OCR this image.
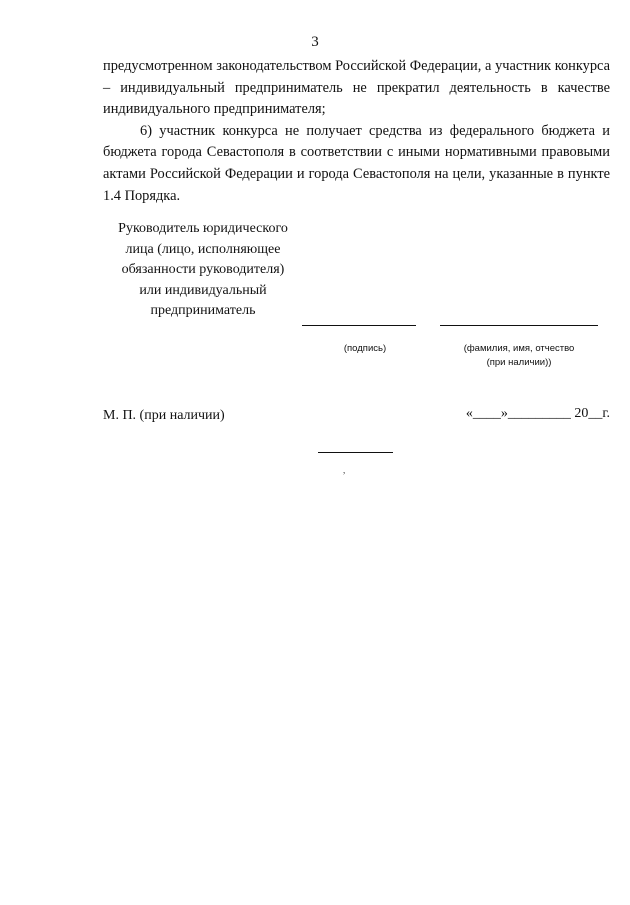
3

предусмотренном законодательством Российской Федерации, а участник конкурса – индивидуальный предприниматель не прекратил деятельность в качестве индивидуального предпринимателя;

6) участник конкурса не получает средства из федерального бюджета и бюджета города Севастополя в соответствии с иными нормативными правовыми актами Российской Федерации и города Севастополя на цели, указанные в пункте 1.4 Порядка.

Руководитель юридического
лица (лицо, исполняющее
обязанности руководителя)
или индивидуальный
предприниматель
(подпись)	(фамилия, имя, отчество
(при наличии))
М. П. (при наличии)	«____»_________ 20__г.
,
